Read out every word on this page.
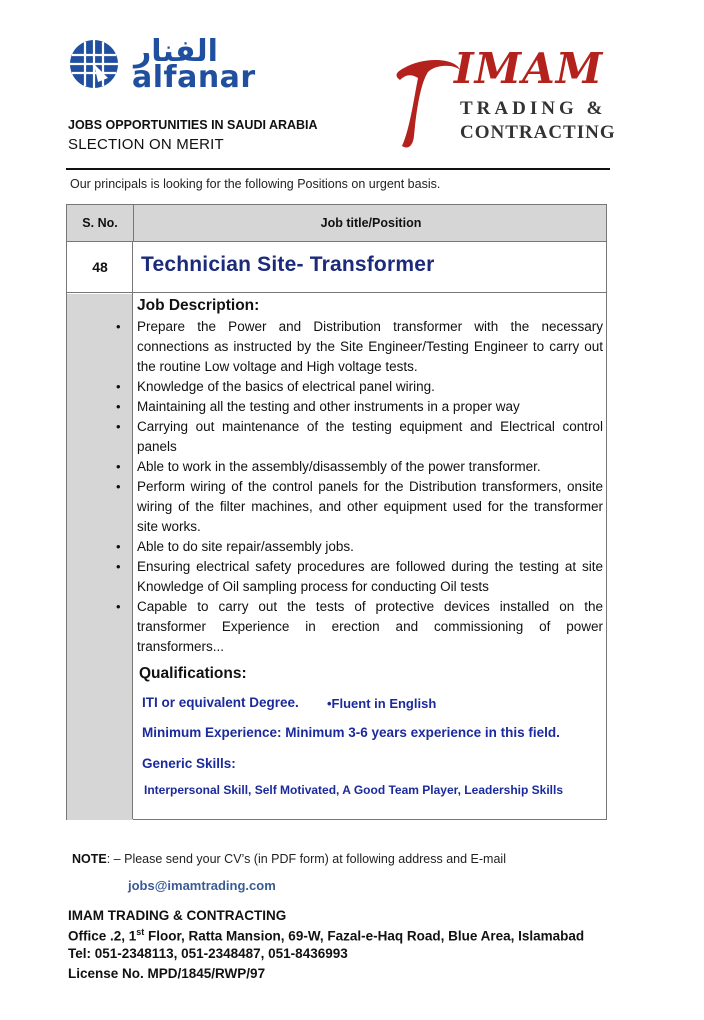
الفنار
alfanar	IMAM
TRADING &
CONTRACTING
JOBS OPPORTUNITIES IN SAUDI ARABIA
SLECTION ON MERIT
Our principals is looking for the following Positions on urgent basis.
S. No.	Job title/Position
48	Technician Site- Transformer
Job Description:
• Prepare the Power and Distribution transformer with the necessary connections as instructed by the Site Engineer/Testing Engineer to carry out the routine Low voltage and High voltage tests.
• Knowledge of the basics of electrical panel wiring.
• Maintaining all the testing and other instruments in a proper way
• Carrying out maintenance of the testing equipment and Electrical control panels
• Able to work in the assembly/disassembly of the power transformer.
• Perform wiring of the control panels for the Distribution transformers, onsite wiring of the filter machines, and other equipment used for the transformer site works.
• Able to do site repair/assembly jobs.
• Ensuring electrical safety procedures are followed during the testing at site Knowledge of Oil sampling process for conducting Oil tests
• Capable to carry out the tests of protective devices installed on the transformer Experience in erection and commissioning of power transformers...
Qualifications:
ITI or equivalent Degree. •Fluent in English
Minimum Experience: Minimum 3-6 years experience in this field.
Generic Skills:
Interpersonal Skill, Self Motivated, A Good Team Player, Leadership Skills
NOTE: – Please send your CV’s (in PDF form) at following address and E-mail
jobs@imamtrading.com
IMAM TRADING & CONTRACTING
Office .2, 1st Floor, Ratta Mansion, 69-W, Fazal-e-Haq Road, Blue Area, Islamabad
Tel: 051-2348113, 051-2348487, 051-8436993
License No. MPD/1845/RWP/97
